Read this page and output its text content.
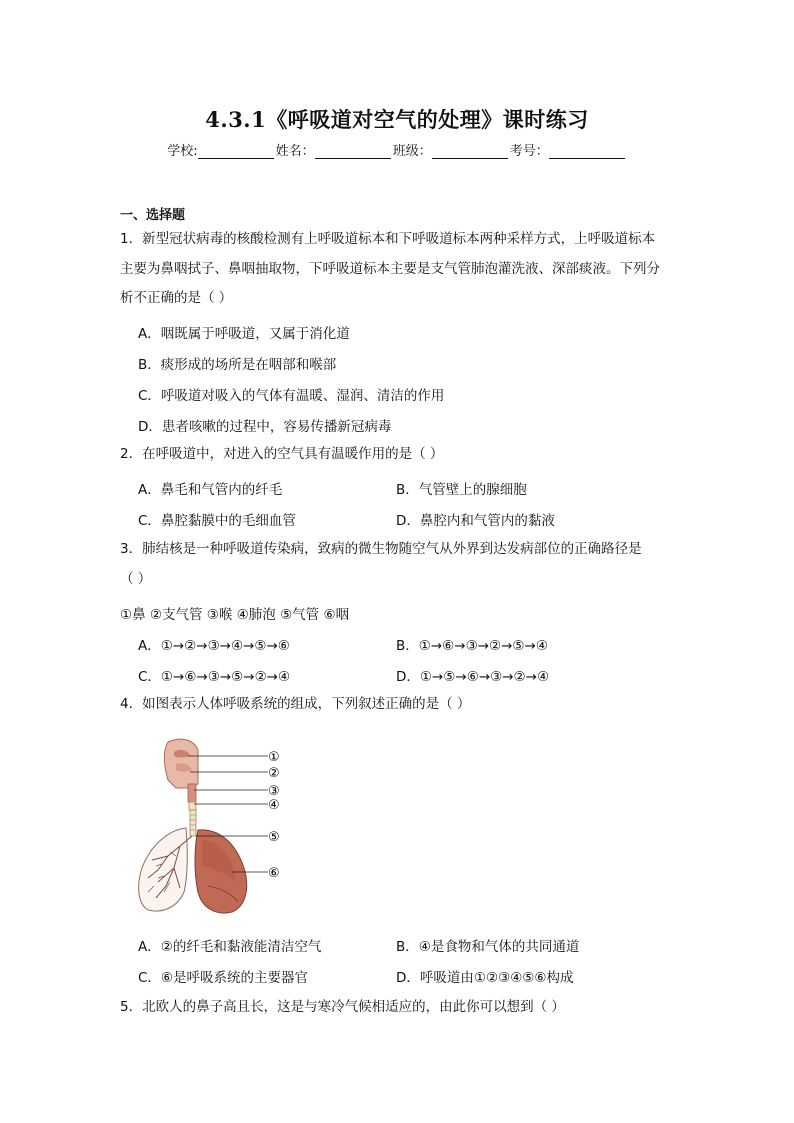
4.3.1《呼吸道对空气的处理》课时练习
学校:	姓名：	班级：	考号：
一、选择题
1．新型冠状病毒的核酸检测有上呼吸道标本和下呼吸道标本两种采样方式，上呼吸道标本
主要为鼻咽拭子、鼻咽抽取物，下呼吸道标本主要是支气管肺泡灌洗液、深部痰液。下列分
析不正确的是（ ）
A．咽既属于呼吸道，又属于消化道
B．痰形成的场所是在咽部和喉部
C．呼吸道对吸入的气体有温暖、湿润、清洁的作用
D．患者咳嗽的过程中，容易传播新冠病毒
2．在呼吸道中，对进入的空气具有温暖作用的是（ ）
A．鼻毛和气管内的纤毛	B．气管壁上的腺细胞
C．鼻腔黏膜中的毛细血管	D．鼻腔内和气管内的黏液
3．肺结核是一种呼吸道传染病，致病的微生物随空气从外界到达发病部位的正确路径是
（ ）
①鼻 ②支气管 ③喉 ④肺泡 ⑤气管 ⑥咽
A．①→②→③→④→⑤→⑥	B．①→⑥→③→②→⑤→④
C．①→⑥→③→⑤→②→④	D．①→⑤→⑥→③→②→④
4．如图表示人体呼吸系统的组成，下列叙述正确的是（ ）
①
②
③
④
⑤
⑥
A．②的纤毛和黏液能清洁空气	B．④是食物和气体的共同通道
C．⑥是呼吸系统的主要器官	D．呼吸道由①②③④⑤⑥构成
5．北欧人的鼻子高且长，这是与寒冷气候相适应的，由此你可以想到（ ）
